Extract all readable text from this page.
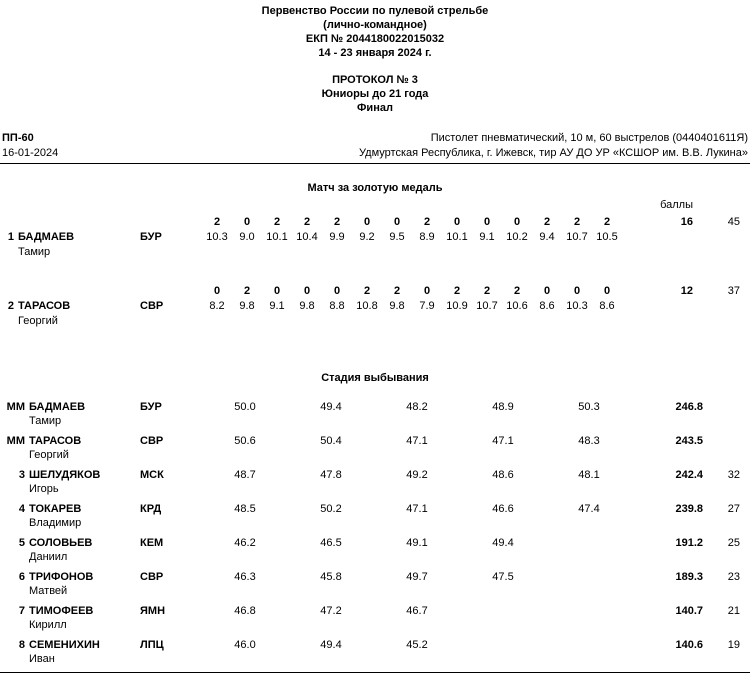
Первенство России по пулевой стрельбе
(лично-командное)
ЕКП № 2044180022015032
14 - 23 января 2024 г.
ПРОТОКОЛ № 3
Юниоры до 21 года
Финал
ПП-60
16-01-2024
Пистолет пневматический, 10 м, 60 выстрелов (0440401611Я)
Удмуртская Республика, г. Ижевск, тир АУ ДО УР «КСШОР им. В.В. Лукина»
Матч за золотую медаль
баллы
2	0	2	2	2	0	0	2	0	0	0	2	2	2	16	45
1 БАДМАЕВ	БУР	10.3	9.0	10.1 10.4	9.9	9.2	9.5	8.9	10.1	9.1	10.2	9.4	10.7 10.5
Тамир
0	2	0	0	0	2	2	0	2	2	2	0	0	0	12	37
2 ТАРАСОВ	СВР	8.2	9.8	9.1	9.8	8.8	10.8	9.8	7.9	10.9 10.7 10.6	8.6	10.3	8.6
Георгий
Стадия выбывания
ММ БАДМАЕВ	БУР	50.0	49.4	48.2	48.9	50.3	246.8
Тамир
ММ ТАРАСОВ	СВР	50.6	50.4	47.1	47.1	48.3	243.5
Георгий
3 ШЕЛУДЯКОВ	МСК	48.7	47.8	49.2	48.6	48.1	242.4	32
Игорь
4 ТОКАРЕВ	КРД	48.5	50.2	47.1	46.6	47.4	239.8	27
Владимир
5 СОЛОВЬЕВ	КЕМ	46.2	46.5	49.1	49.4	191.2	25
Даниил
6 ТРИФОНОВ	СВР	46.3	45.8	49.7	47.5	189.3	23
Матвей
7 ТИМОФЕЕВ	ЯМН	46.8	47.2	46.7	140.7	21
Кирилл
8 СЕМЕНИХИН	ЛПЦ	46.0	49.4	45.2	140.6	19
Иван
